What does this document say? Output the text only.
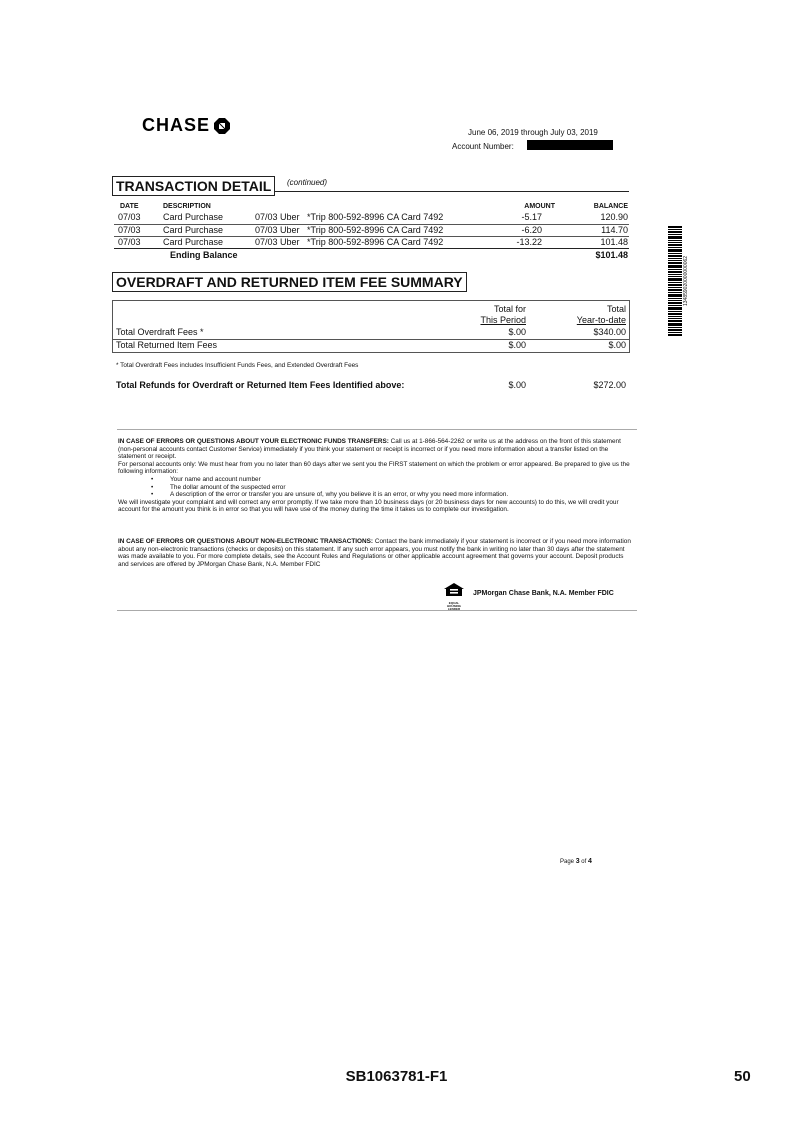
CHASE	June 06, 2019 through July 03, 2019
Account Number:
TRANSACTION DETAIL	(continued)
DATE	DESCRIPTION	AMOUNT	BALANCE
07/03 Card Purchase	07/03 Uber   *Trip 800-592-8996 CA Card 7492	-5.17	120.90
07/03 Card Purchase	07/03 Uber   *Trip 800-592-8996 CA Card 7492	-6.20	114.70
07/03 Card Purchase	07/03 Uber   *Trip 800-592-8996 CA Card 7492	-13.22	101.48
Ending Balance	$101.48
OVERDRAFT AND RETURNED ITEM FEE SUMMARY
Total for
This Period
Total
Year-to-date
Total Overdraft Fees *	$.00	$340.00
Total Returned Item Fees	$.00	$.00
* Total Overdraft Fees includes Insufficient Funds Fees, and Extended Overdraft Fees
Total Refunds for Overdraft or Returned Item Fees Identified above:	$.00	$272.00
134859020000000062

IN CASE OF ERRORS OR QUESTIONS ABOUT YOUR ELECTRONIC FUNDS TRANSFERS: Call us at 1-866-564-2262 or write us at the address on the front of this statement (non-personal accounts contact Customer Service) immediately if you think your statement or receipt is incorrect or if you need more information about a transfer listed on the statement or receipt.

For personal accounts only: We must hear from you no later than 60 days after we sent you the FIRST statement on which the problem or error appeared. Be prepared to give us the following information:

• Your name and account number
• The dollar amount of the suspected error
• A description of the error or transfer you are unsure of, why you believe it is an error, or why you need more information.

We will investigate your complaint and will correct any error promptly. If we take more than 10 business days (or 20 business days for new accounts) to do this, we will credit your account for the amount you think is in error so that you will have use of the money during the time it takes us to complete our investigation.

IN CASE OF ERRORS OR QUESTIONS ABOUT NON-ELECTRONIC TRANSACTIONS: Contact the bank immediately if your statement is incorrect or if you need more information about any non-electronic transactions (checks or deposits) on this statement. If any such error appears, you must notify the bank in writing no later than 30 days after the statement was made available to you. For more complete details, see the Account Rules and Regulations or other applicable account agreement that governs your account. Deposit products and services are offered by JPMorgan Chase Bank, N.A. Member FDIC

EQUAL HOUSING
LENDER
JPMorgan Chase Bank, N.A. Member FDIC
Page 3 of 4
SB1063781-F1	50
